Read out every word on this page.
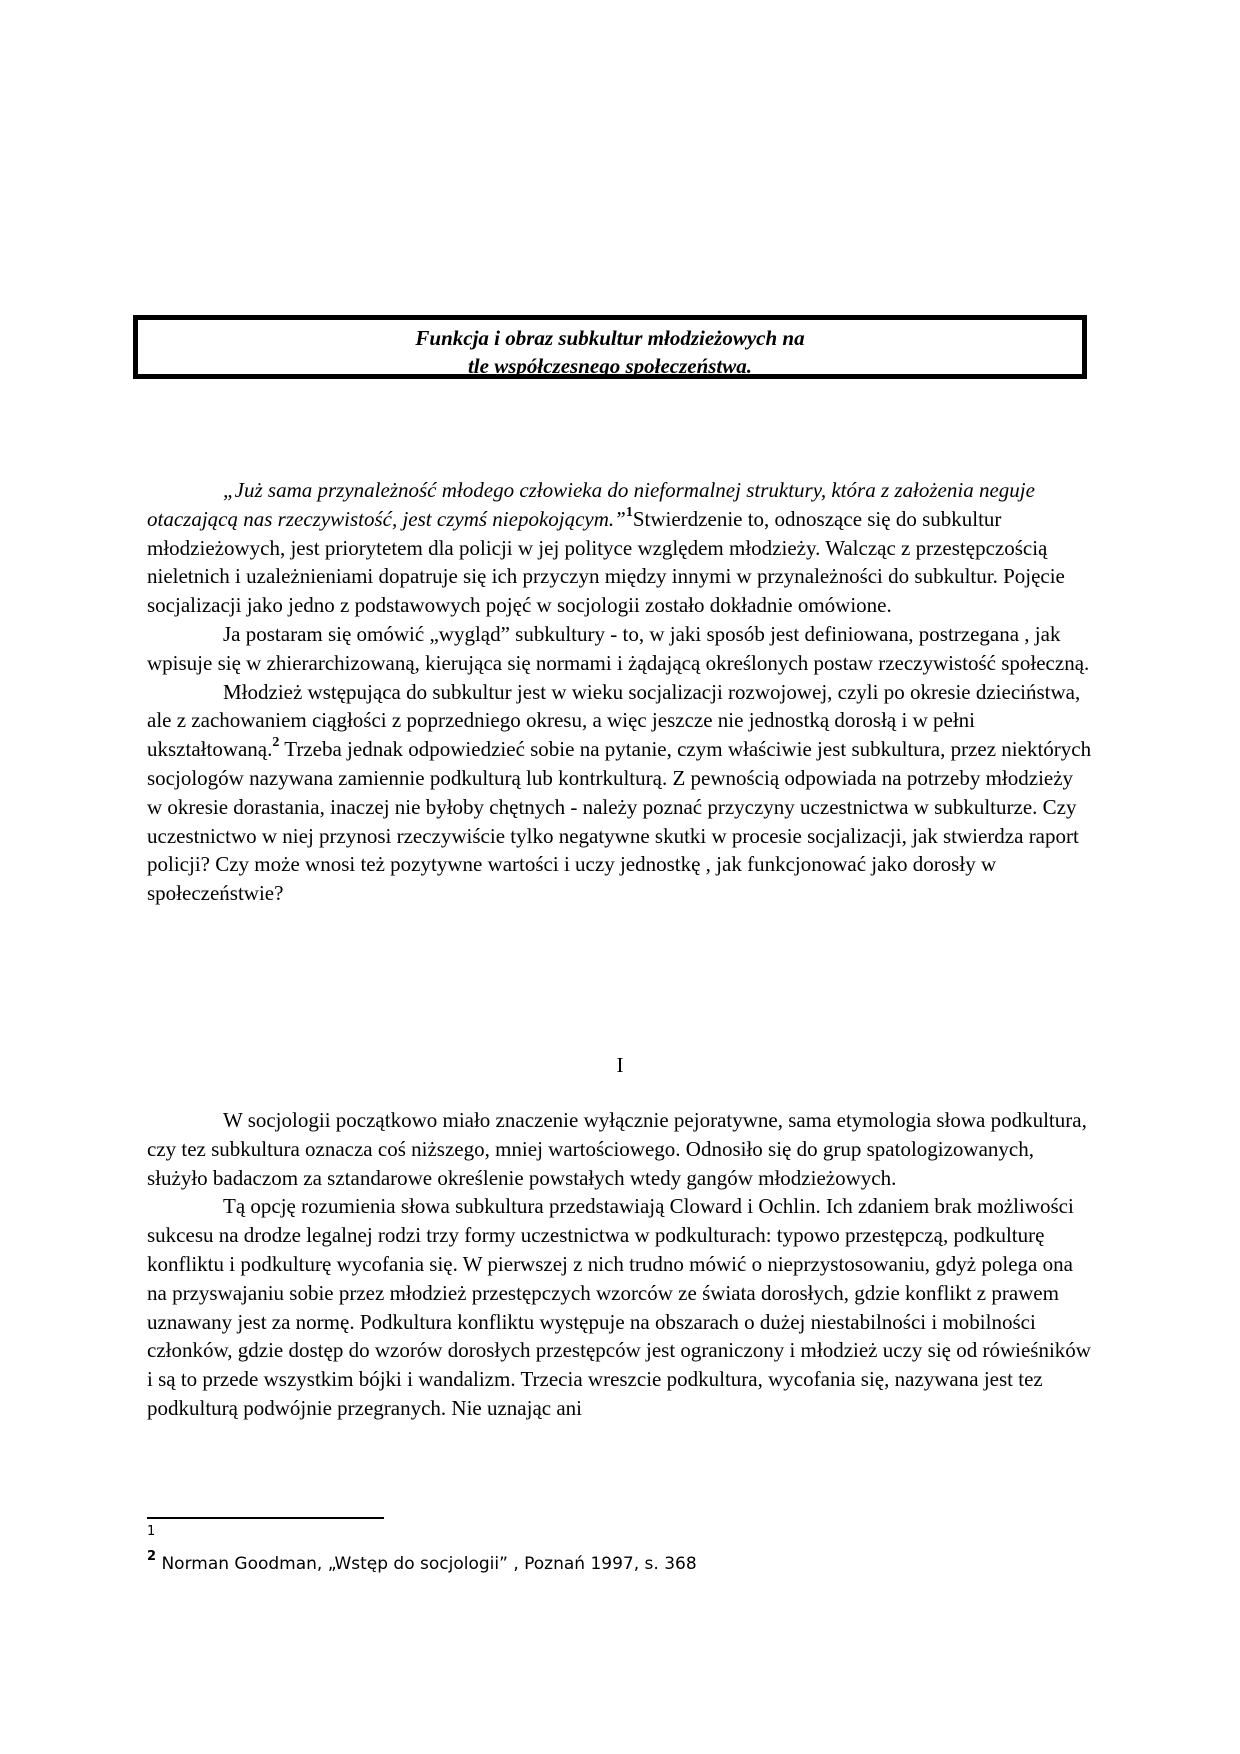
Funkcja i obraz subkultur młodzieżowych na
tle współczesnego społeczeństwa.

„Już sama przynależność młodego człowieka do nieformalnej struktury, która z założenia neguje otaczającą nas rzeczywistość, jest czymś niepokojącym.”$^1$Stwierdzenie to, odnoszące się do subkultur młodzieżowych, jest priorytetem dla policji w jej polityce względem młodzieży. Walcząc z przestępczością nieletnich i uzależnieniami dopatruje się ich przyczyn między innymi w przynależności do subkultur. Pojęcie socjalizacji jako jedno z podstawowych pojęć w socjologii zostało dokładnie omówione.

Ja postaram się omówić „wygląd” subkultury - to, w jaki sposób jest definiowana, postrzegana , jak wpisuje się w zhierarchizowaną, kierująca się normami i żądającą określonych postaw rzeczywistość społeczną.

Młodzież wstępująca do subkultur jest w wieku socjalizacji rozwojowej, czyli po okresie dzieciństwa, ale z zachowaniem ciągłości z poprzedniego okresu, a więc jeszcze nie jednostką dorosłą i w pełni ukształtowaną.$^2$ Trzeba jednak odpowiedzieć sobie na pytanie, czym właściwie jest subkultura, przez niektórych socjologów nazywana zamiennie podkulturą lub kontrkulturą. Z pewnością odpowiada na potrzeby młodzieży w okresie dorastania, inaczej nie byłoby chętnych - należy poznać przyczyny uczestnictwa w subkulturze. Czy uczestnictwo w niej przynosi rzeczywiście tylko negatywne skutki w procesie socjalizacji, jak stwierdza raport policji? Czy może wnosi też pozytywne wartości i uczy jednostkę , jak funkcjonować jako dorosły w społeczeństwie?

I

W socjologii początkowo miało znaczenie wyłącznie pejoratywne, sama etymologia słowa podkultura, czy tez subkultura oznacza coś niższego, mniej wartościowego. Odnosiło się do grup spatologizowanych, służyło badaczom za sztandarowe określenie powstałych wtedy gangów młodzieżowych.

Tą opcję rozumienia słowa subkultura przedstawiają Cloward i Ochlin. Ich zdaniem brak możliwości sukcesu na drodze legalnej rodzi trzy formy uczestnictwa w podkulturach: typowo przestępczą, podkulturę konfliktu i podkulturę wycofania się. W pierwszej z nich trudno mówić o nieprzystosowaniu, gdyż polega ona na przyswajaniu sobie przez młodzież przestępczych wzorców ze świata dorosłych, gdzie konflikt z prawem uznawany jest za normę. Podkultura konfliktu występuje na obszarach o dużej niestabilności i mobilności członków, gdzie dostęp do wzorów dorosłych przestępców jest ograniczony i młodzież uczy się od rówieśników i są to przede wszystkim bójki i wandalizm. Trzecia wreszcie podkultura, wycofania się, nazywana jest tez podkulturą podwójnie przegranych. Nie uznając ani

1
$^2$ Norman Goodman, „Wstęp do socjologii” , Poznań 1997, s. 368
